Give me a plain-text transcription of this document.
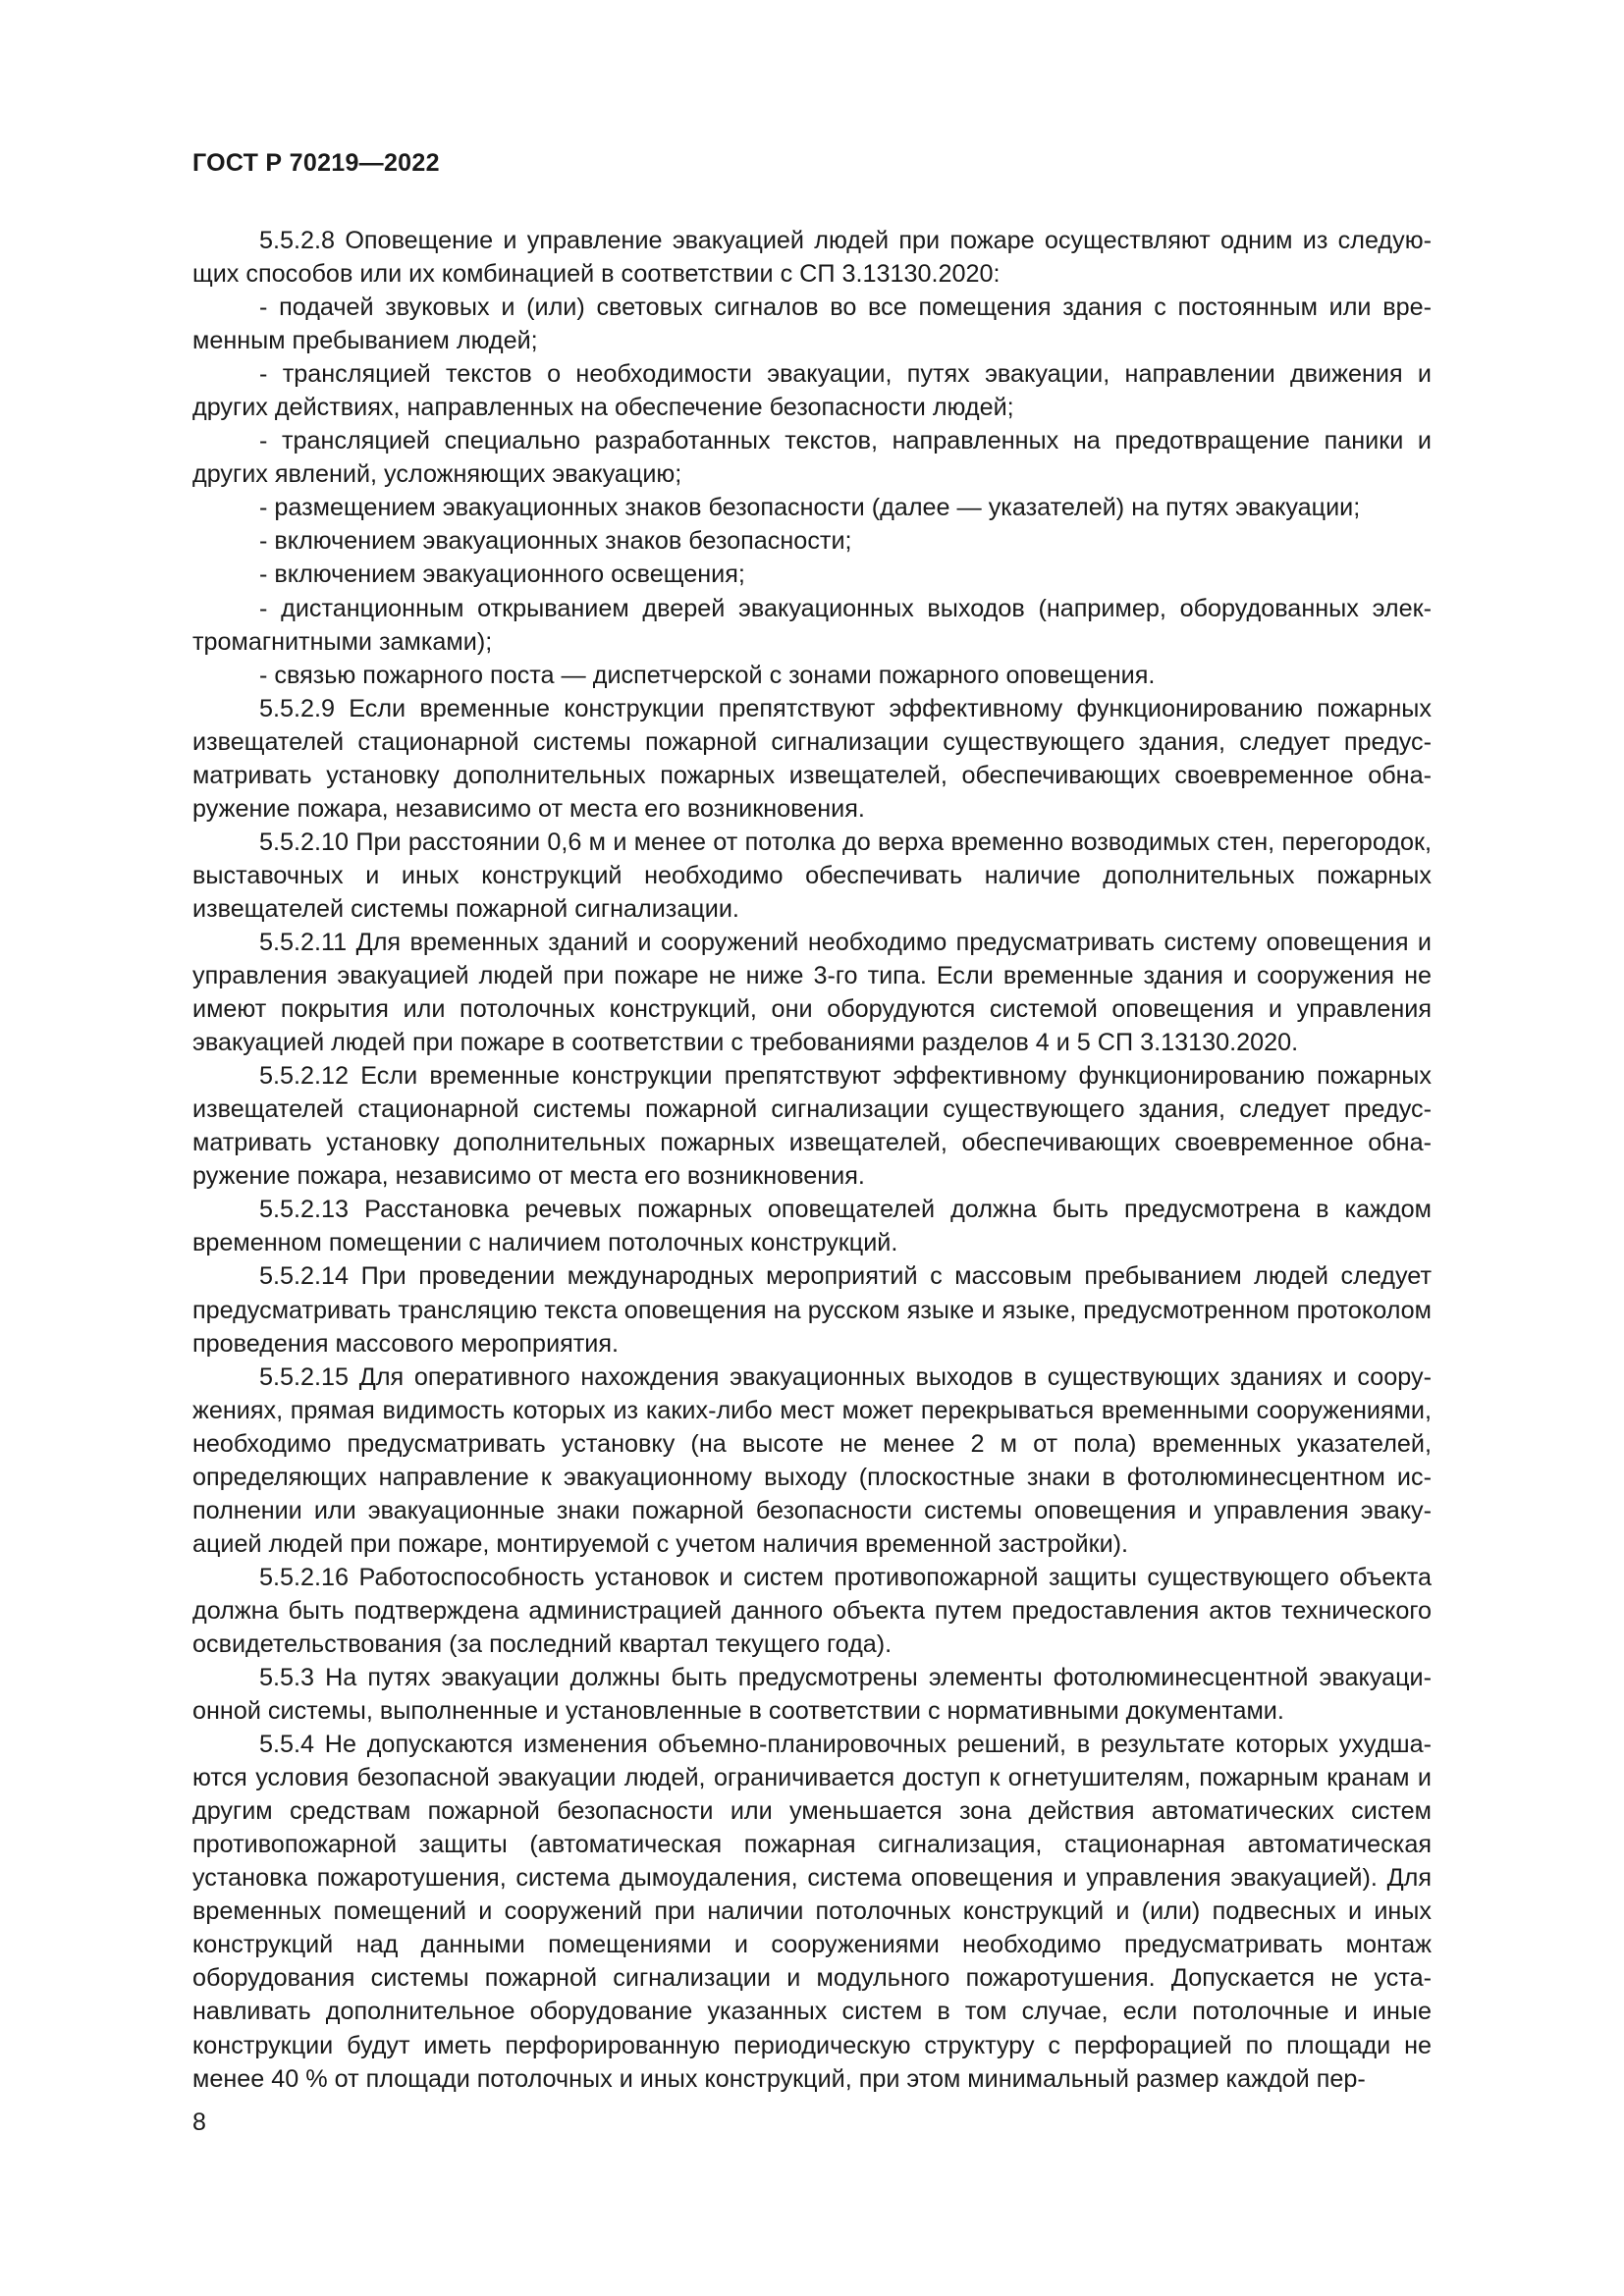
ГОСТ Р 70219—2022

5.5.2.8 Оповещение и управление эвакуацией людей при пожаре осуществляют одним из следующих способов или их комбинацией в соответствии с СП 3.13130.2020:

- подачей звуковых и (или) световых сигналов во все помещения здания с постоянным или временным пребыванием людей;

- трансляцией текстов о необходимости эвакуации, путях эвакуации, направлении движения и других действиях, направленных на обеспечение безопасности людей;

- трансляцией специально разработанных текстов, направленных на предотвращение паники и других явлений, усложняющих эвакуацию;

- размещением эвакуационных знаков безопасности (далее — указателей) на путях эвакуации;

- включением эвакуационных знаков безопасности;

- включением эвакуационного освещения;

- дистанционным открыванием дверей эвакуационных выходов (например, оборудованных электромагнитными замками);

- связью пожарного поста — диспетчерской с зонами пожарного оповещения.

5.5.2.9 Если временные конструкции препятствуют эффективному функционированию пожарных извещателей стационарной системы пожарной сигнализации существующего здания, следует предусматривать установку дополнительных пожарных извещателей, обеспечивающих своевременное обнаружение пожара, независимо от места его возникновения.

5.5.2.10 При расстоянии 0,6 м и менее от потолка до верха временно возводимых стен, перегородок, выставочных и иных конструкций необходимо обеспечивать наличие дополнительных пожарных извещателей системы пожарной сигнализации.

5.5.2.11 Для временных зданий и сооружений необходимо предусматривать систему оповещения и управления эвакуацией людей при пожаре не ниже 3-го типа. Если временные здания и сооружения не имеют покрытия или потолочных конструкций, они оборудуются системой оповещения и управления эвакуацией людей при пожаре в соответствии с требованиями разделов 4 и 5 СП 3.13130.2020.

5.5.2.12 Если временные конструкции препятствуют эффективному функционированию пожарных извещателей стационарной системы пожарной сигнализации существующего здания, следует предусматривать установку дополнительных пожарных извещателей, обеспечивающих своевременное обнаружение пожара, независимо от места его возникновения.

5.5.2.13 Расстановка речевых пожарных оповещателей должна быть предусмотрена в каждом временном помещении с наличием потолочных конструкций.

5.5.2.14 При проведении международных мероприятий с массовым пребыванием людей следует предусматривать трансляцию текста оповещения на русском языке и языке, предусмотренном протоколом проведения массового мероприятия.

5.5.2.15 Для оперативного нахождения эвакуационных выходов в существующих зданиях и сооружениях, прямая видимость которых из каких-либо мест может перекрываться временными сооружениями, необходимо предусматривать установку (на высоте не менее 2 м от пола) временных указателей, определяющих направление к эвакуационному выходу (плоскостные знаки в фотолюминесцентном исполнении или эвакуационные знаки пожарной безопасности системы оповещения и управления эвакуацией людей при пожаре, монтируемой с учетом наличия временной застройки).

5.5.2.16 Работоспособность установок и систем противопожарной защиты существующего объекта должна быть подтверждена администрацией данного объекта путем предоставления актов технического освидетельствования (за последний квартал текущего года).

5.5.3 На путях эвакуации должны быть предусмотрены элементы фотолюминесцентной эвакуационной системы, выполненные и установленные в соответствии с нормативными документами.

5.5.4 Не допускаются изменения объемно-планировочных решений, в результате которых ухудшаются условия безопасной эвакуации людей, ограничивается доступ к огнетушителям, пожарным кранам и другим средствам пожарной безопасности или уменьшается зона действия автоматических систем противопожарной защиты (автоматическая пожарная сигнализация, стационарная автоматическая установка пожаротушения, система дымоудаления, система оповещения и управления эвакуацией). Для временных помещений и сооружений при наличии потолочных конструкций и (или) подвесных и иных конструкций над данными помещениями и сооружениями необходимо предусматривать монтаж оборудования системы пожарной сигнализации и модульного пожаротушения. Допускается не устанавливать дополнительное оборудование указанных систем в том случае, если потолочные и иные конструкции будут иметь перфорированную периодическую структуру с перфорацией по площади не менее 40 % от площади потолочных и иных конструкций, при этом минимальный размер каждой пер-

8
